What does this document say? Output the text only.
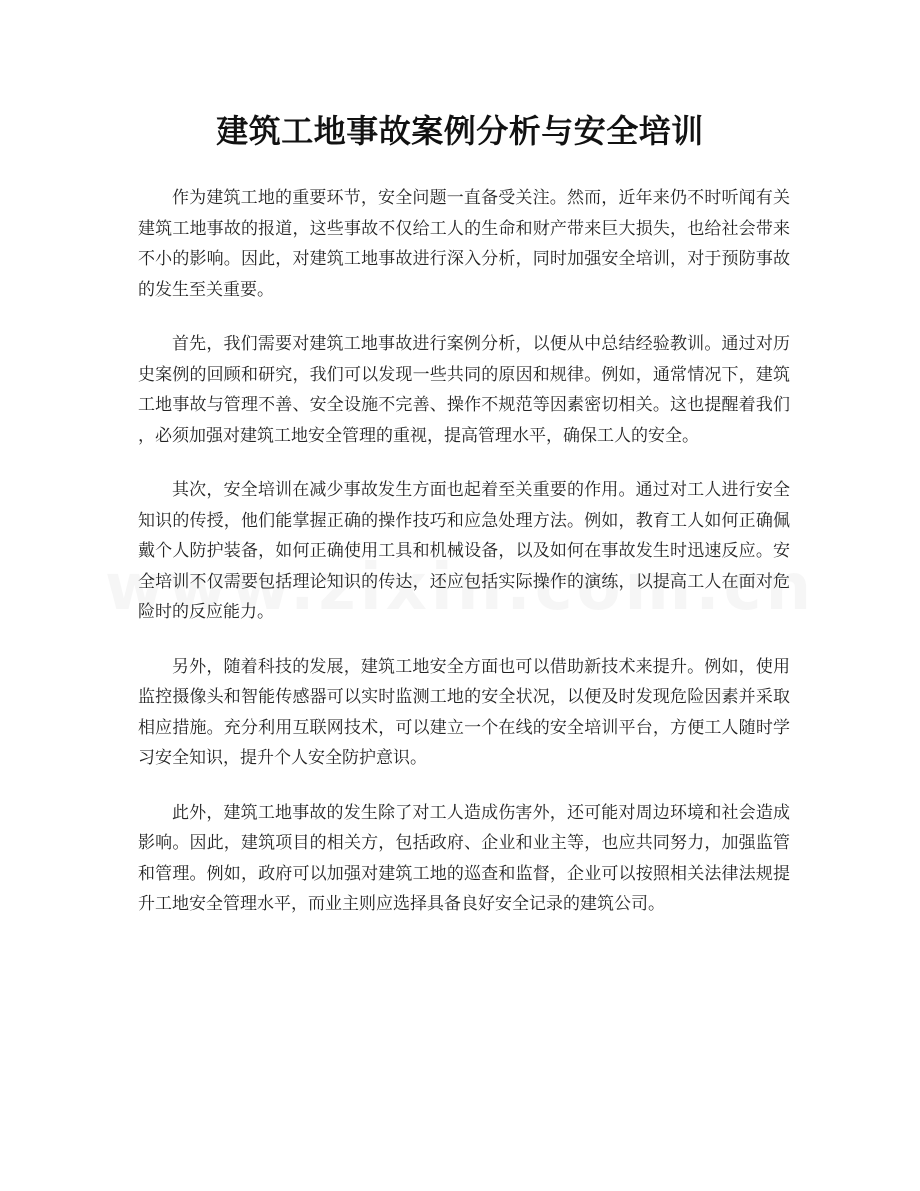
建筑工地事故案例分析与安全培训

作为建筑工地的重要环节，安全问题一直备受关注。然而，近年来仍不时听闻有关建筑工地事故的报道，这些事故不仅给工人的生命和财产带来巨大损失，也给社会带来不小的影响。因此，对建筑工地事故进行深入分析，同时加强安全培训，对于预防事故的发生至关重要。

首先，我们需要对建筑工地事故进行案例分析，以便从中总结经验教训。通过对历史案例的回顾和研究，我们可以发现一些共同的原因和规律。例如，通常情况下，建筑工地事故与管理不善、安全设施不完善、操作不规范等因素密切相关。这也提醒着我们，必须加强对建筑工地安全管理的重视，提高管理水平，确保工人的安全。

其次，安全培训在减少事故发生方面也起着至关重要的作用。通过对工人进行安全知识的传授，他们能掌握正确的操作技巧和应急处理方法。例如，教育工人如何正确佩戴个人防护装备，如何正确使用工具和机械设备，以及如何在事故发生时迅速反应。安全培训不仅需要包括理论知识的传达，还应包括实际操作的演练，以提高工人在面对危险时的反应能力。

另外，随着科技的发展，建筑工地安全方面也可以借助新技术来提升。例如，使用监控摄像头和智能传感器可以实时监测工地的安全状况，以便及时发现危险因素并采取相应措施。充分利用互联网技术，可以建立一个在线的安全培训平台，方便工人随时学习安全知识，提升个人安全防护意识。

此外，建筑工地事故的发生除了对工人造成伤害外，还可能对周边环境和社会造成影响。因此，建筑项目的相关方，包括政府、企业和业主等，也应共同努力，加强监管和管理。例如，政府可以加强对建筑工地的巡查和监督，企业可以按照相关法律法规提升工地安全管理水平，而业主则应选择具备良好安全记录的建筑公司。
